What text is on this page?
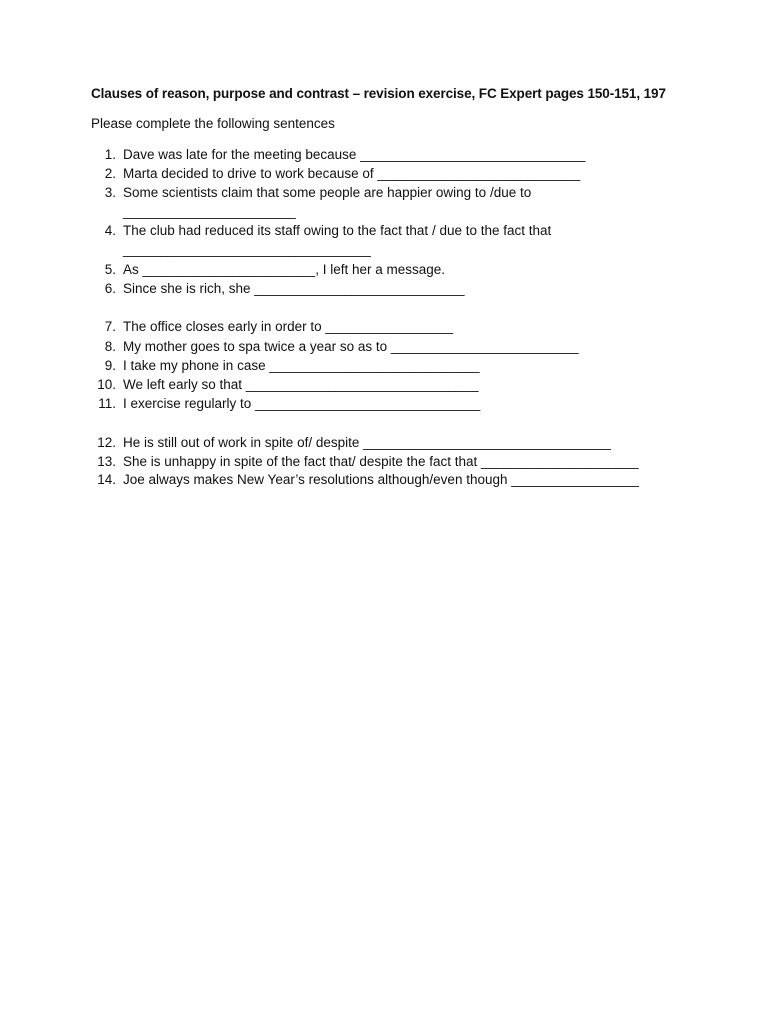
Clauses of reason, purpose and contrast – revision exercise, FC Expert pages 150-151, 197
Please complete the following sentences
1. Dave was late for the meeting because ______________________________
2. Marta decided to drive to work because of ___________________________
3. Some scientists claim that some people are happier owing to /due to
_______________________
4. The club had reduced its staff owing to the fact that / due to the fact that
_________________________________
5. As _______________________, I left her a message.
6. Since she is rich, she ____________________________
7. The office closes early in order to _________________
8. My mother goes to spa twice a year so as to _________________________
9. I take my phone in case ____________________________
10. We left early so that _______________________________
11. I exercise regularly to ______________________________
12. He is still out of work in spite of/ despite _________________________________
13. She is unhappy in spite of the fact that/ despite the fact that _____________________
14. Joe always makes New Year’s resolutions although/even though _________________
